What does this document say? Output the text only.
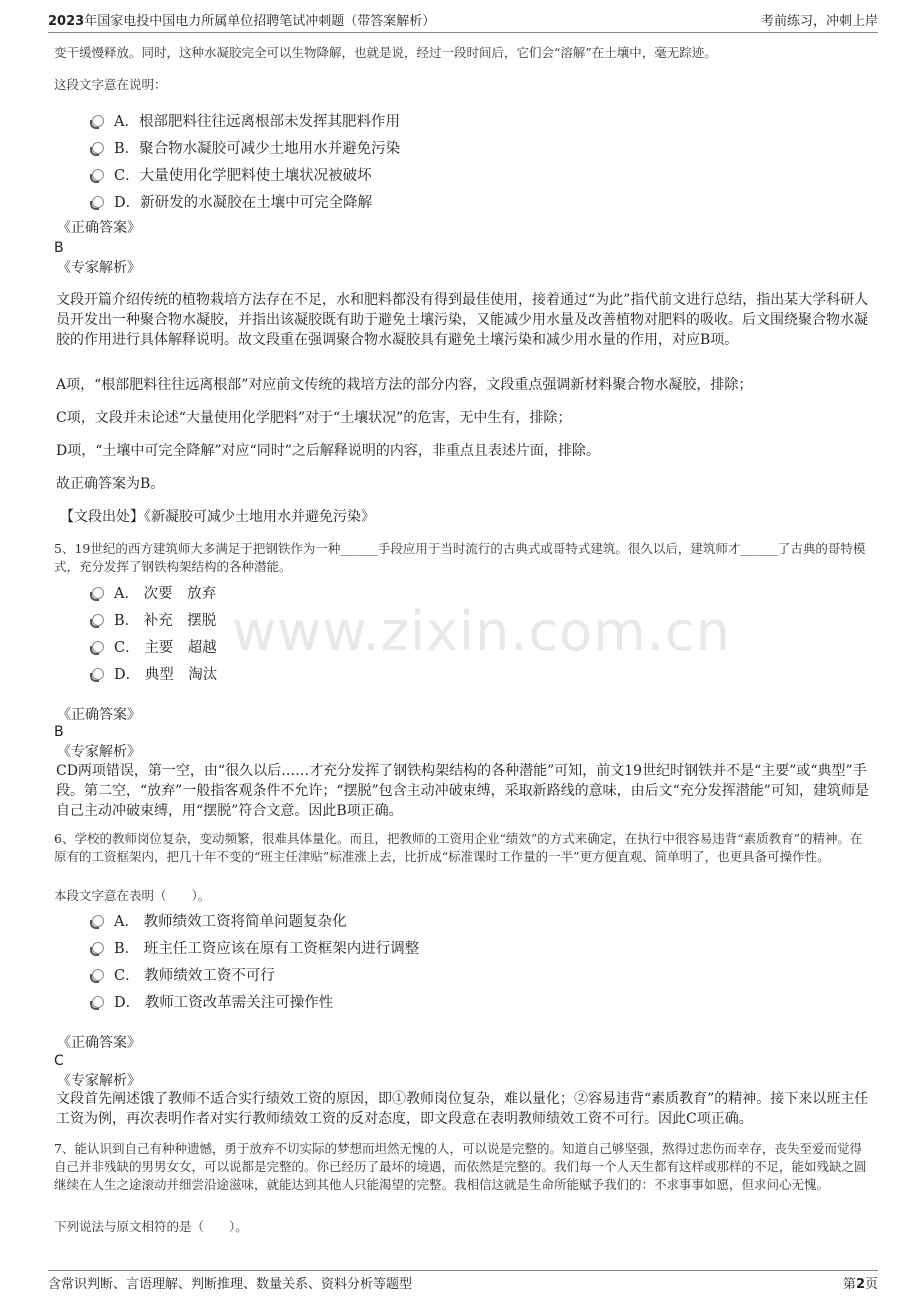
2023年国家电投中国电力所属单位招聘笔试冲刺题（带答案解析）	考前练习，冲刺上岸
www.zixin.com.cn
变干缓慢释放。同时，这种水凝胶完全可以生物降解，也就是说，经过一段时间后，它们会“溶解”在土壤中，毫无踪迹。
这段文字意在说明：
A．根部肥料往往远离根部未发挥其肥料作用
B．聚合物水凝胶可减少土地用水并避免污染
C．大量使用化学肥料使土壤状况被破坏
D．新研发的水凝胶在土壤中可完全降解
《正确答案》
B
《专家解析》
文段开篇介绍传统的植物栽培方法存在不足，水和肥料都没有得到最佳使用，接着通过“为此”指代前文进行总结，指出某大学科研人员开发出一种聚合物水凝胶，并指出该凝胶既有助于避免土壤污染，又能减少用水量及改善植物对肥料的吸收。后文围绕聚合物水凝胶的作用进行具体解释说明。故文段重在强调聚合物水凝胶具有避免土壤污染和减少用水量的作用，对应B项。
A项，“根部肥料往往远离根部”对应前文传统的栽培方法的部分内容，文段重点强调新材料聚合物水凝胶，排除；
C项，文段并未论述“大量使用化学肥料”对于“土壤状况”的危害，无中生有，排除；
D项，“土壤中可完全降解”对应“同时”之后解释说明的内容，非重点且表述片面，排除。
故正确答案为B。
【文段出处】《新凝胶可减少土地用水并避免污染》
5、19世纪的西方建筑师大多满足于把钢铁作为一种______手段应用于当时流行的古典式或哥特式建筑。很久以后，建筑师才______了古典的哥特模式，充分发挥了钢铁构架结构的各种潜能。
A． 次要　放弃
B． 补充　摆脱
C． 主要　超越
D． 典型　淘汰
《正确答案》
B
《专家解析》
CD两项错误，第一空，由“很久以后……才充分发挥了钢铁构架结构的各种潜能”可知，前文19世纪时钢铁并不是“主要”或“典型”手段。第二空，“放弃”一般指客观条件不允许；“摆脱”包含主动冲破束缚，采取新路线的意味，由后文“充分发挥潜能”可知，建筑师是自己主动冲破束缚，用“摆脱”符合文意。因此B项正确。
6、学校的教师岗位复杂，变动频繁，很难具体量化。而且，把教师的工资用企业“绩效”的方式来确定，在执行中很容易违背“素质教育”的精神。在原有的工资框架内，把几十年不变的“班主任津贴”标准涨上去，比折成“标准课时工作量的一半”更方便直观、简单明了，也更具备可操作性。
本段文字意在表明（　　）。
A． 教师绩效工资将简单问题复杂化
B． 班主任工资应该在原有工资框架内进行调整
C． 教师绩效工资不可行
D． 教师工资改革需关注可操作性
《正确答案》
C
《专家解析》
文段首先阐述饿了教师不适合实行绩效工资的原因，即①教师岗位复杂，难以量化；②容易违背“素质教育”的精神。接下来以班主任工资为例，再次表明作者对实行教师绩效工资的反对态度，即文段意在表明教师绩效工资不可行。因此C项正确。
7、能认识到自己有种种遗憾，勇于放弃不切实际的梦想而坦然无愧的人，可以说是完整的。知道自己够坚强，熬得过悲伤而幸存，丧失至爱而觉得自己并非残缺的男男女女，可以说都是完整的。你已经历了最坏的境遇，而依然是完整的。我们每一个人天生都有这样或那样的不足，能如残缺之圆继续在人生之途滚动并细尝沿途滋味，就能达到其他人只能渴望的完整。我相信这就是生命所能赋予我们的：不求事事如愿，但求问心无愧。
下列说法与原文相符的是（　　）。
含常识判断、言语理解、判断推理、数量关系、资料分析等题型	第2页
